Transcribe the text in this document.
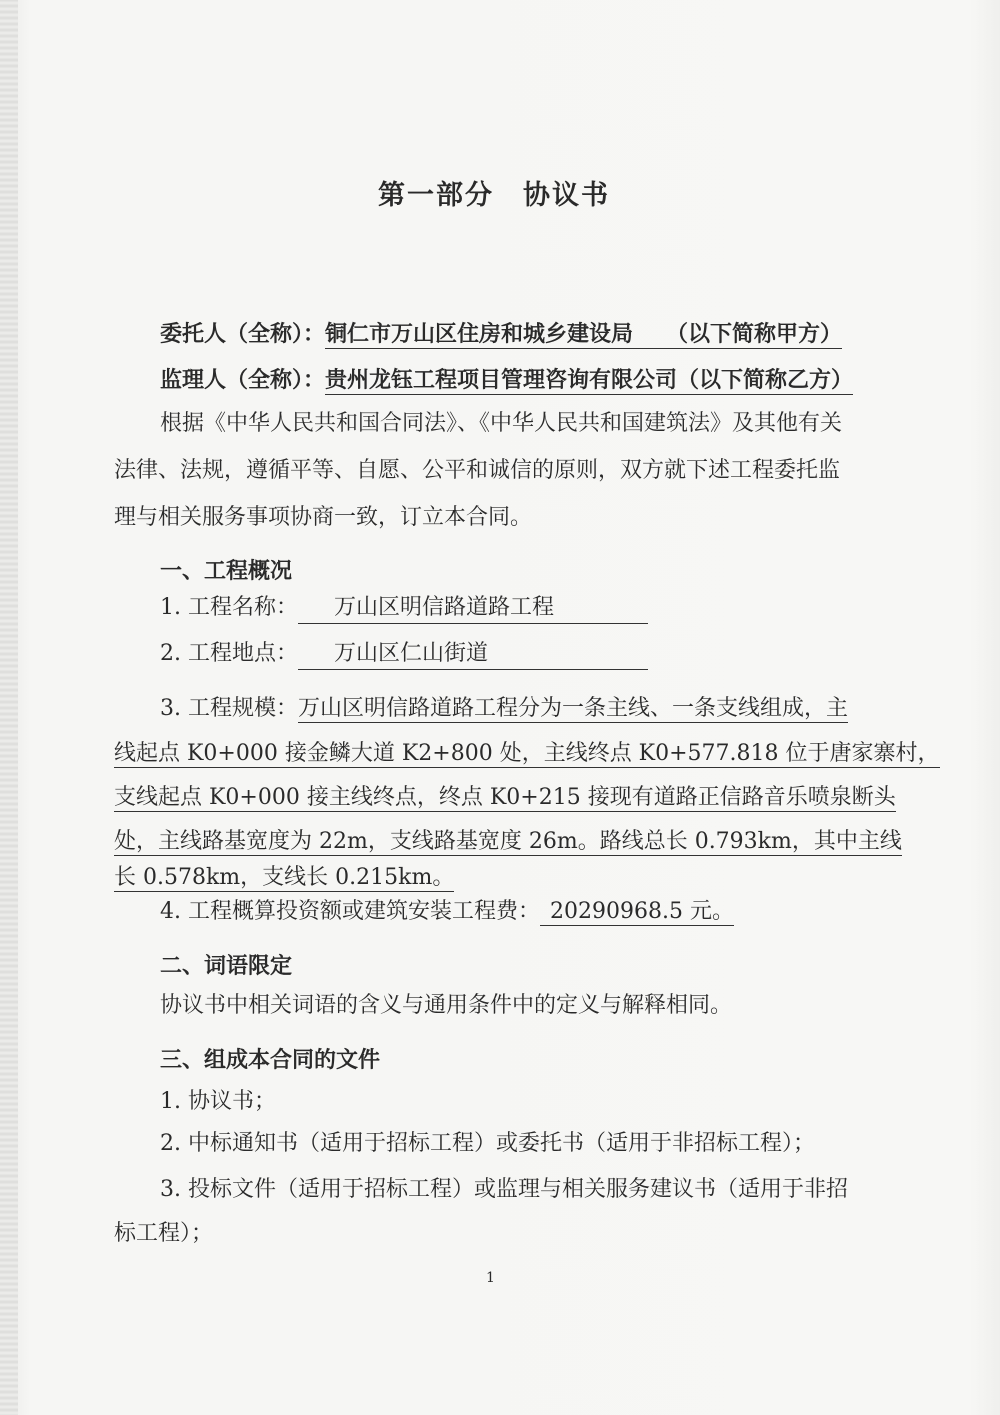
第一部分　协议书
委托人（全称）：铜仁市万山区住房和城乡建设局　　（以下简称甲方）
监理人（全称）：贵州龙钰工程项目管理咨询有限公司（以下简称乙方）
根据《中华人民共和国合同法》、《中华人民共和国建筑法》及其他有关
法律、法规，遵循平等、自愿、公平和诚信的原则，双方就下述工程委托监
理与相关服务事项协商一致，订立本合同。
一、工程概况
1. 工程名称： 万山区明信路道路工程
2. 工程地点： 万山区仁山街道
3. 工程规模：万山区明信路道路工程分为一条主线、一条支线组成，主
线起点 K0+000 接金鳞大道 K2+800 处，主线终点 K0+577.818 位于唐家寨村，
支线起点 K0+000 接主线终点，终点 K0+215 接现有道路正信路音乐喷泉断头
处，主线路基宽度为 22m，支线路基宽度 26m。路线总长 0.793km，其中主线
长 0.578km，支线长 0.215km。
4. 工程概算投资额或建筑安装工程费： 20290968.5 元。
二、词语限定
协议书中相关词语的含义与通用条件中的定义与解释相同。
三、组成本合同的文件
1. 协议书；
2. 中标通知书（适用于招标工程）或委托书（适用于非招标工程）；
3. 投标文件（适用于招标工程）或监理与相关服务建议书（适用于非招
标工程）；
1
